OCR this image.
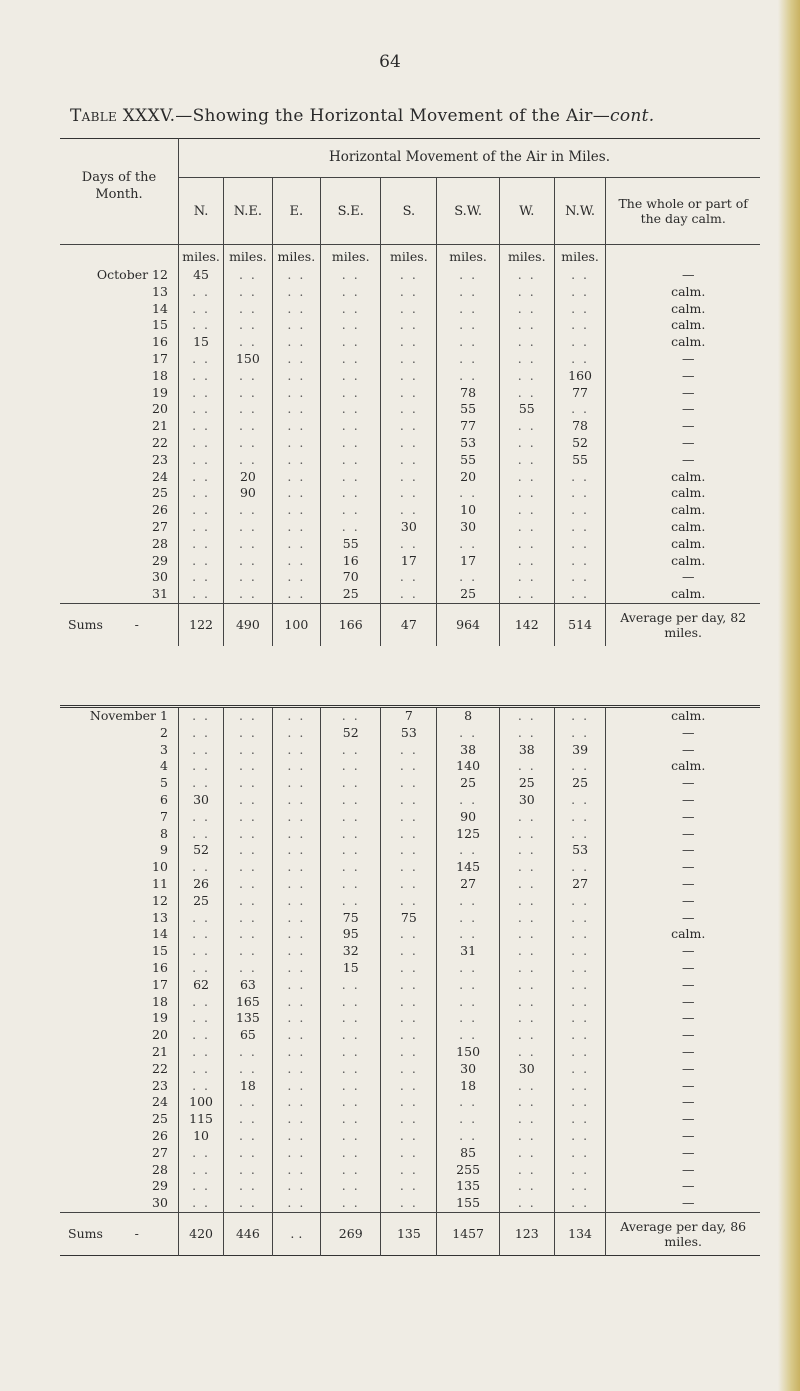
64
Table XXXV.—Showing the Horizontal Movement of the Air—cont.
Days of the Month.	Horizontal Movement of the Air in Miles.								
	N.	N.E.	E.	S.E.	S.	S.W.	W.	N.W.	The whole or part of the day calm.
	miles.	miles.	miles.	miles.	miles.	miles.	miles.	miles.	
October 12	45	. .	. .	. .	. .	. .	. .	. .	—
13	. .	. .	. .	. .	. .	. .	. .	. .	calm.
14	. .	. .	. .	. .	. .	. .	. .	. .	calm.
15	. .	. .	. .	. .	. .	. .	. .	. .	calm.
16	15	. .	. .	. .	. .	. .	. .	. .	calm.
17	. .	150	. .	. .	. .	. .	. .	. .	—
18	. .	. .	. .	. .	. .	. .	. .	160	—
19	. .	. .	. .	. .	. .	78	. .	77	—
20	. .	. .	. .	. .	. .	55	55	. .	—
21	. .	. .	. .	. .	. .	77	. .	78	—
22	. .	. .	. .	. .	. .	53	. .	52	—
23	. .	. .	. .	. .	. .	55	. .	55	—
24	. .	20	. .	. .	. .	20	. .	. .	calm.
25	. .	90	. .	. .	. .	. .	. .	. .	calm.
26	. .	. .	. .	. .	. .	10	. .	. .	calm.
27	. .	. .	. .	. .	30	30	. .	. .	calm.
28	. .	. .	. .	55	. .	. .	. .	. .	calm.
29	. .	. .	. .	16	17	17	. .	. .	calm.
30	. .	. .	. .	70	. .	. .	. .	. .	—
31	. .	. .	. .	25	. .	25	. .	. .	calm.
Sums        -	122	490	100	166	47	964	142	514	Average per day, 82 miles.
November 1	. .	. .	. .	. .	7	8	. .	. .	calm.
2	. .	. .	. .	52	53	. .	. .	. .	—
3	. .	. .	. .	. .	. .	38	38	39	—
4	. .	. .	. .	. .	. .	140	. .	. .	calm.
5	. .	. .	. .	. .	. .	25	25	25	—
6	30	. .	. .	. .	. .	. .	30	. .	—
7	. .	. .	. .	. .	. .	90	. .	. .	—
8	. .	. .	. .	. .	. .	125	. .	. .	—
9	52	. .	. .	. .	. .	. .	. .	53	—
10	. .	. .	. .	. .	. .	145	. .	. .	—
11	26	. .	. .	. .	. .	27	. .	27	—
12	25	. .	. .	. .	. .	. .	. .	. .	—
13	. .	. .	. .	75	75	. .	. .	. .	—
14	. .	. .	. .	95	. .	. .	. .	. .	calm.
15	. .	. .	. .	32	. .	31	. .	. .	—
16	. .	. .	. .	15	. .	. .	. .	. .	—
17	62	63	. .	. .	. .	. .	. .	. .	—
18	. .	165	. .	. .	. .	. .	. .	. .	—
19	. .	135	. .	. .	. .	. .	. .	. .	—
20	. .	65	. .	. .	. .	. .	. .	. .	—
21	. .	. .	. .	. .	. .	150	. .	. .	—
22	. .	. .	. .	. .	. .	30	30	. .	—
23	. .	18	. .	. .	. .	18	. .	. .	—
24	100	. .	. .	. .	. .	. .	. .	. .	—
25	115	. .	. .	. .	. .	. .	. .	. .	—
26	10	. .	. .	. .	. .	. .	. .	. .	—
27	. .	. .	. .	. .	. .	85	. .	. .	—
28	. .	. .	. .	. .	. .	255	. .	. .	—
29	. .	. .	. .	. .	. .	135	. .	. .	—
30	. .	. .	. .	. .	. .	155	. .	. .	—
Sums        -	420	446	. .	269	135	1457	123	134	Average per day, 86 miles.
